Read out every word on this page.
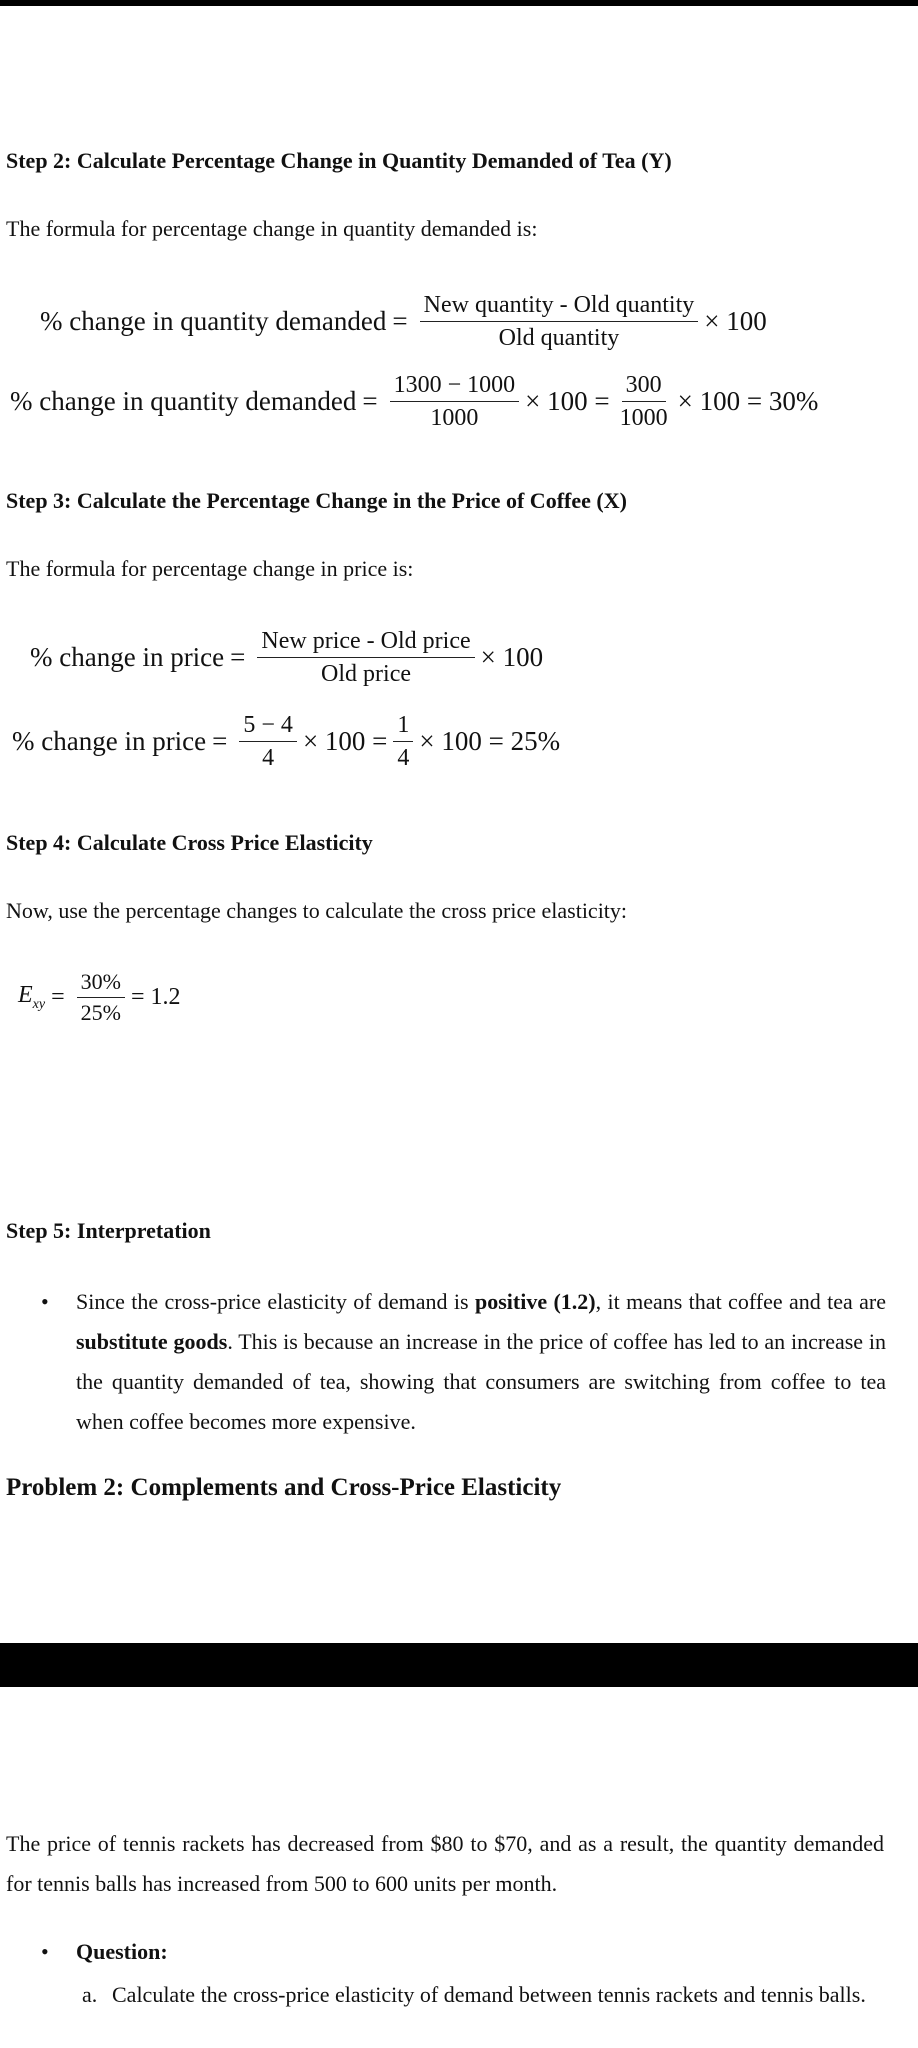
Step 2: Calculate Percentage Change in Quantity Demanded of Tea (Y)
The formula for percentage change in quantity demanded is:
% change in quantity demanded = $\frac{\text{New quantity - Old quantity}}{\text{Old quantity}} \times 100$
% change in quantity demanded = $\frac{1300 - 1000}{1000} \times 100 = \frac{300}{1000} \times 100 = 30\%$
Step 3: Calculate the Percentage Change in the Price of Coffee (X)
The formula for percentage change in price is:
% change in price = $\frac{\text{New price - Old price}}{\text{Old price}} \times 100$
% change in price = $\frac{5 - 4}{4} \times 100 = \frac{1}{4} \times 100 = 25\%$
Step 4: Calculate Cross Price Elasticity
Now, use the percentage changes to calculate the cross price elasticity:
$E_{xy} = \frac{30\%}{25\%} = 1.2$
Step 5: Interpretation
• Since the cross-price elasticity of demand is positive (1.2), it means that coffee and tea are substitute goods. This is because an increase in the price of coffee has led to an increase in the quantity demanded of tea, showing that consumers are switching from coffee to tea when coffee becomes more expensive.
Problem 2: Complements and Cross-Price Elasticity
The price of tennis rackets has decreased from $80 to $70, and as a result, the quantity demanded for tennis balls has increased from 500 to 600 units per month.
• Question:
a. Calculate the cross-price elasticity of demand between tennis rackets and tennis balls.
